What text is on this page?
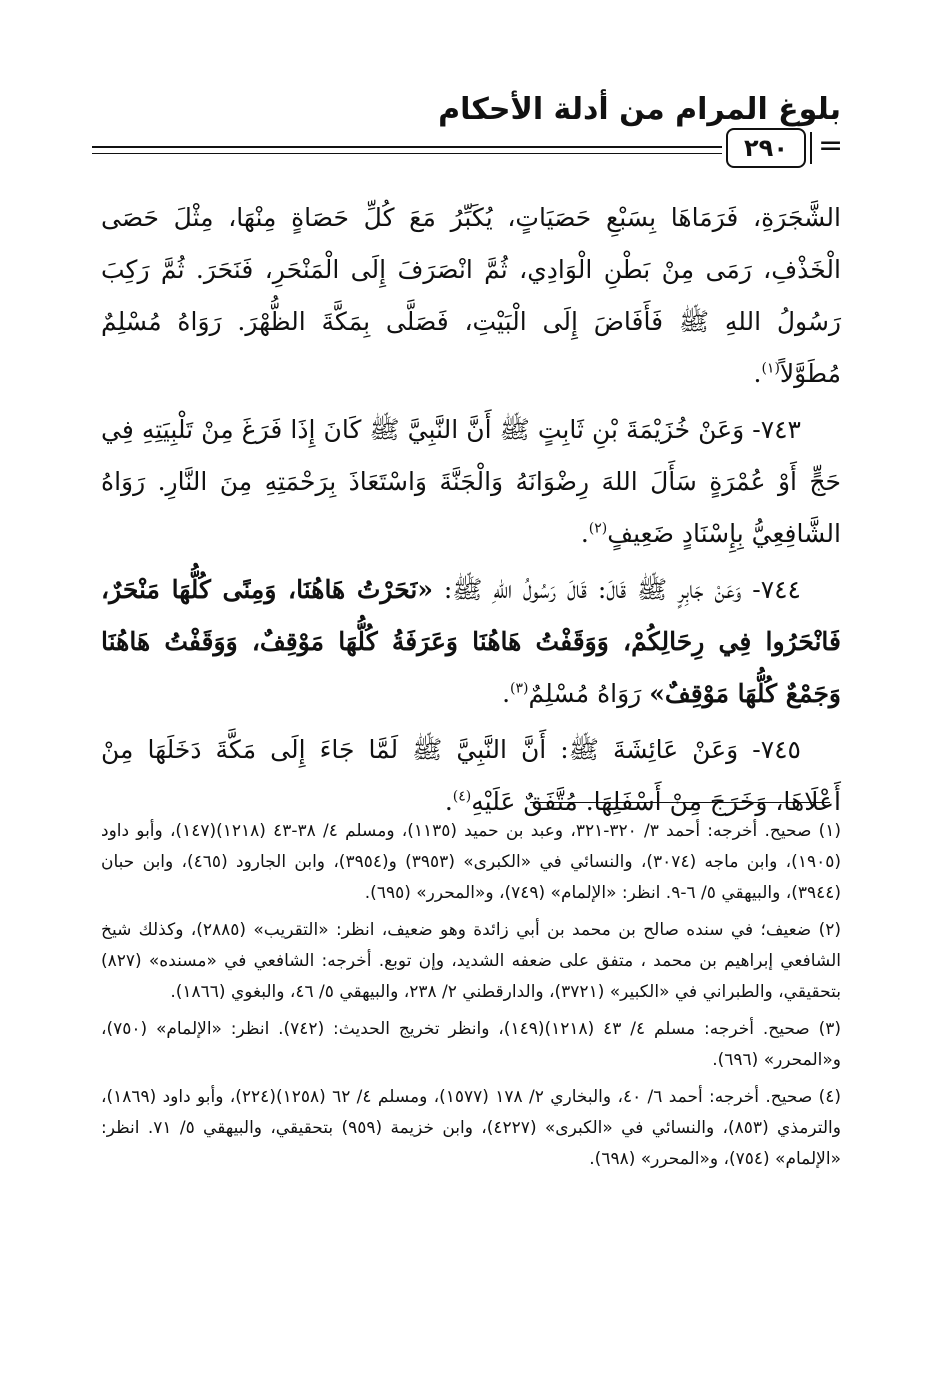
بلوغ المرام من أدلة الأحكام
٢٩٠	=

الشَّجَرَةِ، فَرَمَاهَا بِسَبْعِ حَصَيَاتٍ، يُكَبِّرُ مَعَ كُلِّ حَصَاةٍ مِنْهَا، مِثْلَ حَصَى الْخَذْفِ، رَمَى مِنْ بَطْنِ الْوَادِي، ثُمَّ انْصَرَفَ إِلَى الْمَنْحَرِ، فَنَحَرَ. ثُمَّ رَكِبَ رَسُولُ اللهِ ﷺ فَأَفَاضَ إِلَى الْبَيْتِ، فَصَلَّى بِمَكَّةَ الظُّهْرَ. رَوَاهُ مُسْلِمٌ مُطَوَّلاً$^{(١)}$.

٧٤٣- وَعَنْ خُزَيْمَةَ بْنِ ثَابِتٍ ﷺ أَنَّ النَّبِيَّ ﷺ كَانَ إِذَا فَرَغَ مِنْ تَلْبِيَتِهِ فِي حَجٍّ أَوْ عُمْرَةٍ سَأَلَ اللهَ رِضْوَانَهُ وَالْجَنَّةَ وَاسْتَعَاذَ بِرَحْمَتِهِ مِنَ النَّارِ. رَوَاهُ الشَّافِعِيُّ بِإِسْنَادٍ ضَعِيفٍ$^{(٢)}$.

٧٤٤- وَعَنْ جَابِرٍ ﷺ قَالَ: قَالَ رَسُولُ اللهِ ﷺ: «نَحَرْتُ هَاهُنَا، وَمِنًى كُلُّهَا مَنْحَرٌ، فَانْحَرُوا فِي رِحَالِكُمْ، وَوَقَفْتُ هَاهُنَا وَعَرَفَةُ كُلُّهَا مَوْقِفٌ، وَوَقَفْتُ هَاهُنَا وَجَمْعٌ كُلُّهَا مَوْقِفٌ» رَوَاهُ مُسْلِمٌ$^{(٣)}$.

٧٤٥- وَعَنْ عَائِشَةَ ﷺ: أَنَّ النَّبِيَّ ﷺ لَمَّا جَاءَ إِلَى مَكَّةَ دَخَلَهَا مِنْ أَعْلَاهَا، وَخَرَجَ مِنْ أَسْفَلِهَا. مُتَّفَقٌ عَلَيْهِ$^{(٤)}$.

(١) صحيح. أخرجه: أحمد ٣/ ٣٢٠-٣٢١، وعبد بن حميد (١١٣٥)، ومسلم ٤/ ٣٨-٤٣ (١٢١٨)(١٤٧)، وأبو داود (١٩٠٥)، وابن ماجه (٣٠٧٤)، والنسائي في «الكبرى» (٣٩٥٣) و(٣٩٥٤)، وابن الجارود (٤٦٥)، وابن حبان (٣٩٤٤)، والبيهقي ٥/ ٦-٩. انظر: «الإلمام» (٧٤٩)، و«المحرر» (٦٩٥).

(٢) ضعيف؛ في سنده صالح بن محمد بن أبي زائدة وهو ضعيف، انظر: «التقريب» (٢٨٨٥)، وكذلك شيخ الشافعي إبراهيم بن محمد ، متفق على ضعفه الشديد، وإن توبع. أخرجه: الشافعي في «مسنده» (٨٢٧) بتحقيقي، والطبراني في «الكبير» (٣٧٢١)، والدارقطني ٢/ ٢٣٨، والبيهقي ٥/ ٤٦، والبغوي (١٨٦٦).

(٣) صحيح. أخرجه: مسلم ٤/ ٤٣ (١٢١٨)(١٤٩)، وانظر تخريج الحديث: (٧٤٢). انظر: «الإلمام» (٧٥٠)، و«المحرر» (٦٩٦).

(٤) صحيح. أخرجه: أحمد ٦/ ٤٠، والبخاري ٢/ ١٧٨ (١٥٧٧)، ومسلم ٤/ ٦٢ (١٢٥٨)(٢٢٤)، وأبو داود (١٨٦٩)، والترمذي (٨٥٣)، والنسائي في «الكبرى» (٤٢٢٧)، وابن خزيمة (٩٥٩) بتحقيقي، والبيهقي ٥/ ٧١. انظر: «الإلمام» (٧٥٤)، و«المحرر» (٦٩٨).
